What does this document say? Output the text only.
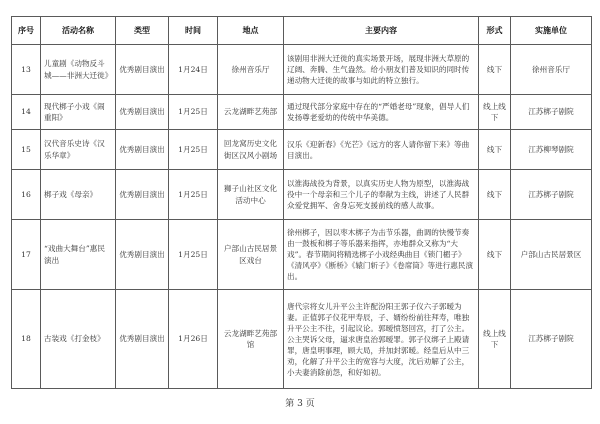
序号	活动名称	类型	时间	地点	主要内容	形式	实施单位
13	儿童剧《动物反斗城——非洲大迁徙》	优秀剧目演出	1月24日	徐州音乐厅	该剧用非洲大迁徙的真实场景开场，展现非洲大草原的辽阔、奔腾、生气盎然。给小朋友们普及知识的同时传递动物大迁徙的故事与如此的特立独行。	线下	徐州音乐厅
14	现代梆子小戏《闹重阳》	优秀剧目演出	1月25日	云龙湖畔艺苑部	通过现代部分家庭中存在的“严婚老母”现象，倡导人们发扬尊老爱幼的传统中华美德。	线上线下	江苏梆子剧院
15	汉代音乐史诗《汉乐华章》	优秀剧目演出	1月25日	回龙窝历史文化街区汉风小剧场	汉乐《迎新春》《光芒》《远方的客人请你留下来》等曲目演出。	线下	江苏柳琴剧院
16	梆子戏《母亲》	优秀剧目演出	1月25日	狮子山社区文化活动中心	以淮海战役为背景，以真实历史人物为原型，以淮海战役中一个母亲和三个儿子的奉献为主线，讲述了人民群众爱党拥军、舍身忘死支援前线的感人故事。	线下	江苏梆子剧院
17	“戏曲大舞台”惠民演出	优秀剧目演出	1月25日	户部山古民居景区戏台	徐州梆子，因以枣木梆子为击节乐器，曲调的快慢节奏由一鼓板和梆子等乐器来指挥，亦地群众又称为“大戏”。春节期间将精选梆子小戏经典曲目《锁门楣子》《清风亭》《断桥》《辕门斩子》《卷席筒》等进行惠民演出。	线下	户部山古民居景区
18	古装戏《打金枝》	优秀剧目演出	1月26日	云龙湖畔艺苑部馆	唐代宗将女儿升平公主许配汾阳王郭子仪六子郭暧为妻。正值郭子仪花甲寿辰，子、婿纷纷前往拜寿，唯独升平公主不往，引起议论。郭暧愤怒回宫，打了公主。公主哭诉父母，逼求唐皇治郭暧罪。郭子仪绑子上殿请罪，唐皇明事理，顾大局，并加封郭暧。经皇后从中三劝，化解了升平公主的宽容与大度，沈后劝解了公主，小夫妻消除前怨，和好如初。	线上线下	江苏梆子剧院
第 3 页
